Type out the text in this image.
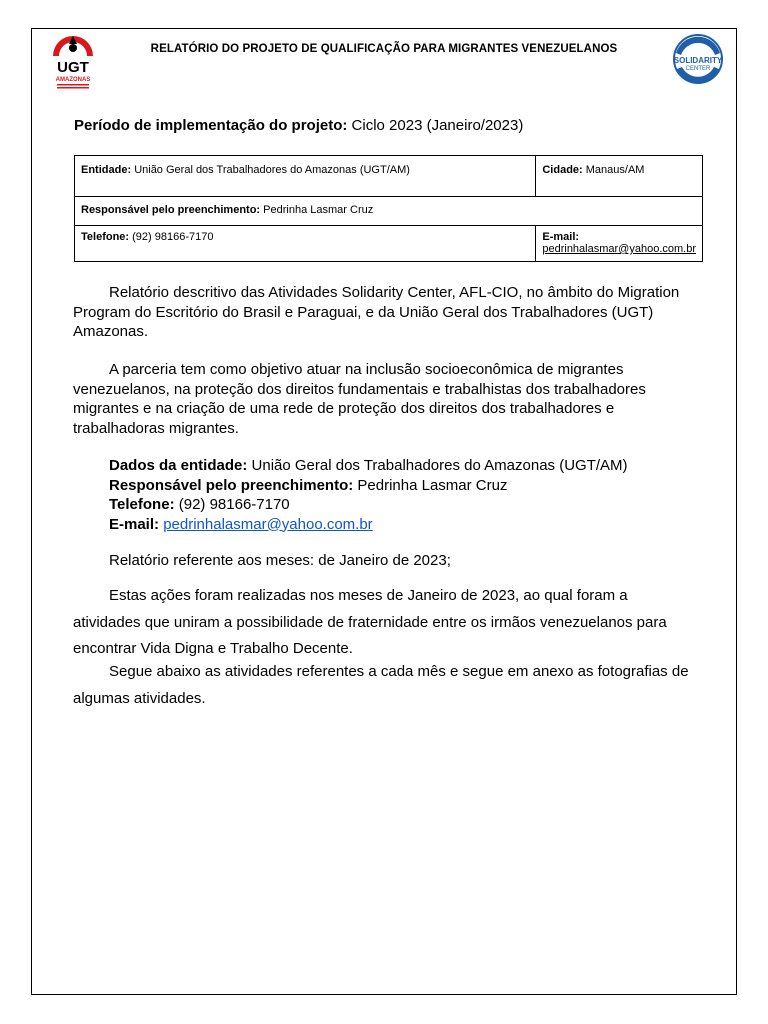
UGT
AMAZONAS
RELATÓRIO DO PROJETO DE QUALIFICAÇÃO PARA MIGRANTES VENEZUELANOS
SOLIDARITY
CENTER
Período de implementação do projeto: Ciclo 2023 (Janeiro/2023)
Entidade: União Geral dos Trabalhadores do Amazonas (UGT/AM)	Cidade: Manaus/AM
Responsável pelo preenchimento: Pedrinha Lasmar Cruz	
Telefone: (92) 98166-7170	E-mail: pedrinhalasmar@yahoo.com.br
Relatório descritivo das Atividades Solidarity Center, AFL-CIO, no âmbito do Migration Program do Escritório do Brasil e Paraguai, e da União Geral dos Trabalhadores (UGT) Amazonas.
A parceria tem como objetivo atuar na inclusão socioeconômica de migrantes venezuelanos, na proteção dos direitos fundamentais e trabalhistas dos trabalhadores migrantes e na criação de uma rede de proteção dos direitos dos trabalhadores e trabalhadoras migrantes.
Dados da entidade: União Geral dos Trabalhadores do Amazonas (UGT/AM)
Responsável pelo preenchimento: Pedrinha Lasmar Cruz
Telefone: (92) 98166-7170
E-mail: pedrinhalasmar@yahoo.com.br
Relatório referente aos meses: de Janeiro de 2023;
Estas ações foram realizadas nos meses de Janeiro de 2023, ao qual foram a atividades que uniram a possibilidade de fraternidade entre os irmãos venezuelanos para encontrar Vida Digna e Trabalho Decente.
Segue abaixo as atividades referentes a cada mês e segue em anexo as fotografias de algumas atividades.
